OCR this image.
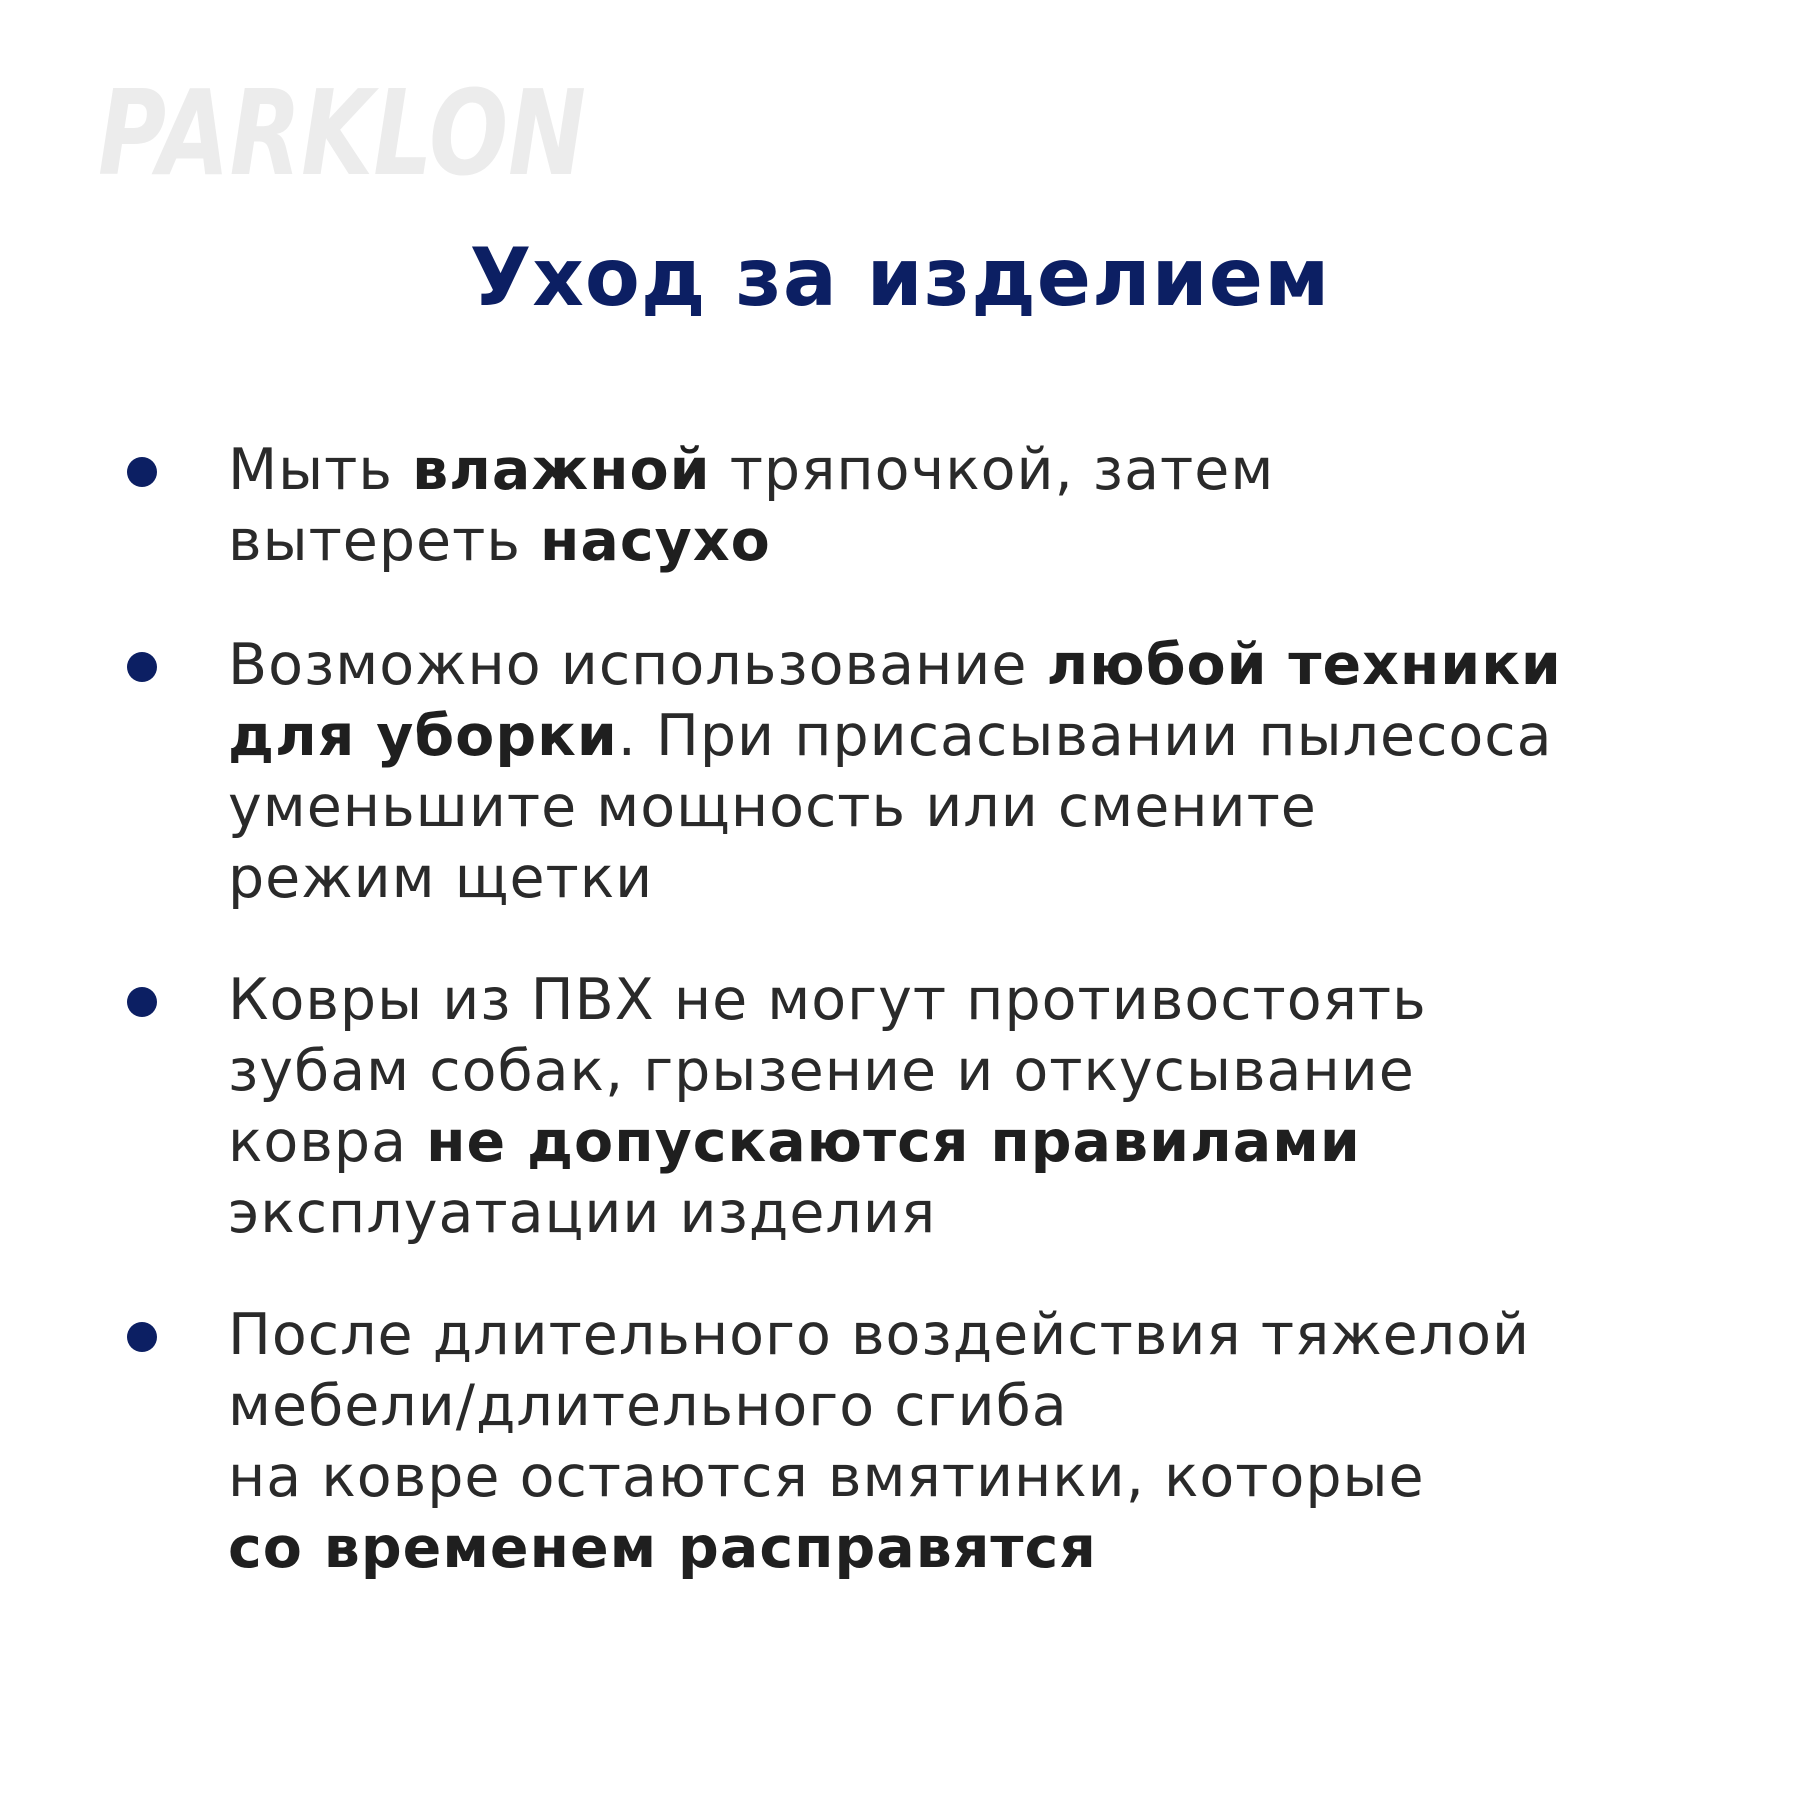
PARKLON
Уход за изделием

Мыть влажной тряпочкой, затем
вытереть насухо

Возможно использование любой техники
для уборки. При присасывании пылесоса
уменьшите мощность или смените
режим щетки

Ковры из ПВХ не могут противостоять
зубам собак, грызение и откусывание
ковра не допускаются правилами
эксплуатации изделия

После длительного воздействия тяжелой
мебели/длительного сгиба
на ковре остаются вмятинки, которые
со временем расправятся
